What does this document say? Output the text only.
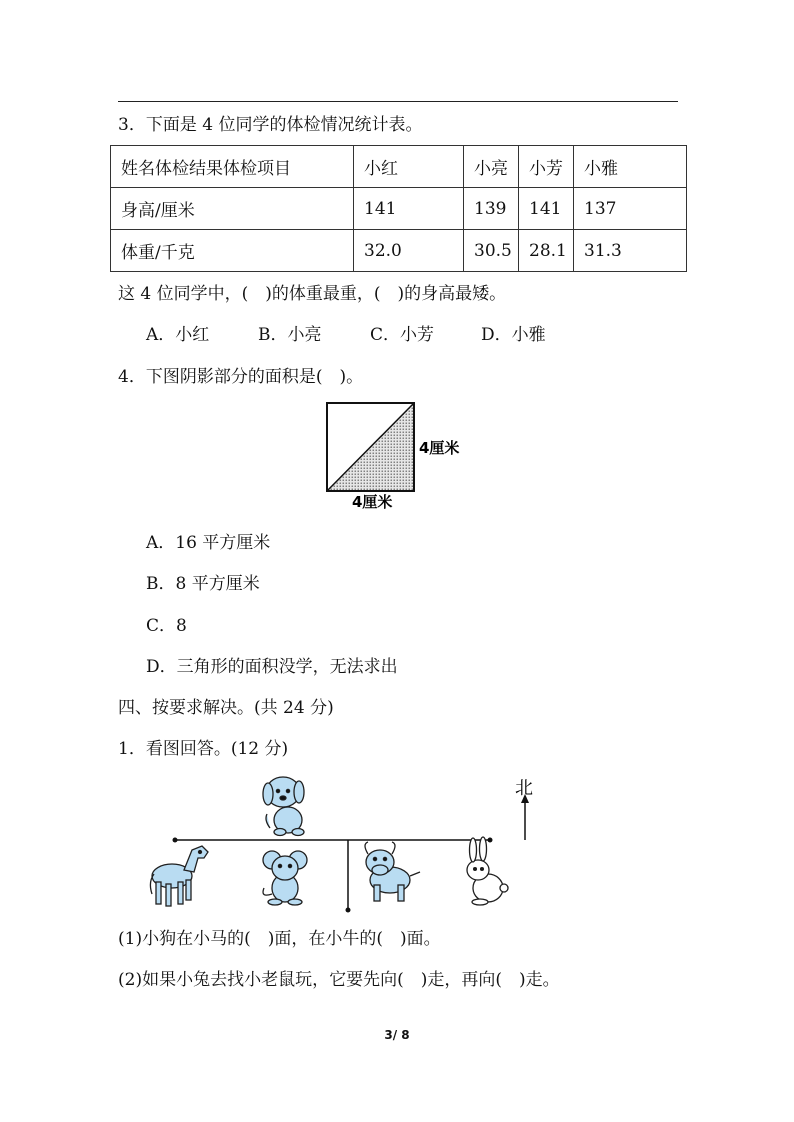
3．下面是 4 位同学的体检情况统计表。
姓名体检结果体检项目	小红	小亮	小芳	小雅
身高/厘米	141	139	141	137
体重/千克	32.0	30.5	28.1	31.3
这 4 位同学中，(　)的体重最重，(　)的身高最矮。
A．小红	B．小亮	C．小芳	D．小雅
4．下图阴影部分的面积是(　)。
4厘米
4厘米
A．16 平方厘米
B．8 平方厘米
C．8
D．三角形的面积没学，无法求出
四、按要求解决。(共 24 分)
1．看图回答。(12 分)
北
(1)小狗在小马的(　)面，在小牛的(　)面。
(2)如果小兔去找小老鼠玩，它要先向(　)走，再向(　)走。
3/ 8
